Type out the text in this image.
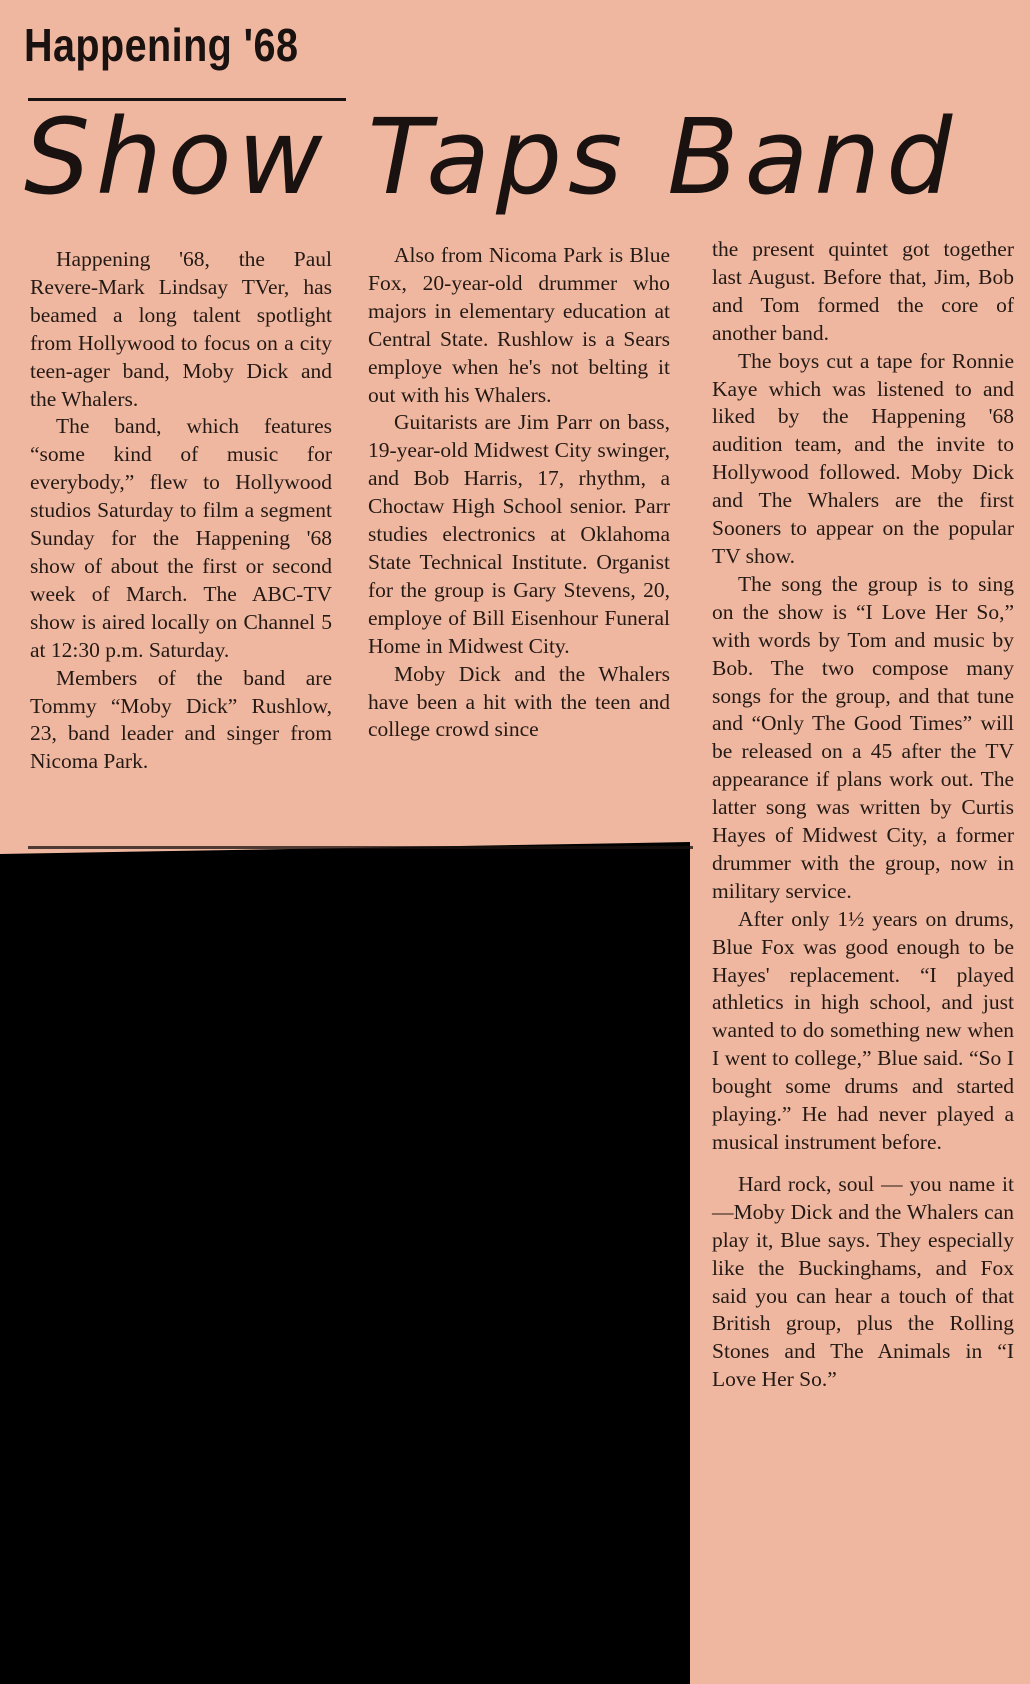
Happening '68
Show Taps Band

Happening '68, the Paul Revere-Mark Lindsay TVer, has beamed a long talent spotlight from Hollywood to focus on a city teen-ager band, Moby Dick and the Whalers.

The band, which features “some kind of music for everybody,” flew to Hollywood studios Saturday to film a segment Sunday for the Happening '68 show of about the first or second week of March. The ABC-TV show is aired locally on Channel 5 at 12:30 p.m. Saturday.

Members of the band are Tommy “Moby Dick” Rushlow, 23, band leader and singer from Nicoma Park.

Also from Nicoma Park is Blue Fox, 20-year-old drummer who majors in elementary education at Central State. Rushlow is a Sears employe when he's not belting it out with his Whalers.

Guitarists are Jim Parr on bass, 19-year-old Midwest City swinger, and Bob Harris, 17, rhythm, a Choctaw High School senior. Parr studies electronics at Oklahoma State Technical Institute. Organist for the group is Gary Stevens, 20, employe of Bill Eisenhour Funeral Home in Midwest City.

Moby Dick and the Whalers have been a hit with the teen and college crowd since

the present quintet got together last August. Before that, Jim, Bob and Tom formed the core of another band.

The boys cut a tape for Ronnie Kaye which was listened to and liked by the Happening '68 audition team, and the invite to Hollywood followed. Moby Dick and The Whalers are the first Sooners to appear on the popular TV show.

The song the group is to sing on the show is “I Love Her So,” with words by Tom and music by Bob. The two compose many songs for the group, and that tune and “Only The Good Times” will be released on a 45 after the TV appearance if plans work out. The latter song was written by Curtis Hayes of Midwest City, a former drummer with the group, now in military service.

After only 1½ years on drums, Blue Fox was good enough to be Hayes' replacement. “I played athletics in high school, and just wanted to do something new when I went to college,” Blue said. “So I bought some drums and started playing.” He had never played a musical instrument before.

Hard rock, soul — you name it—Moby Dick and the Whalers can play it, Blue says. They especially like the Buckinghams, and Fox said you can hear a touch of that British group, plus the Rolling Stones and The Animals in “I Love Her So.”
